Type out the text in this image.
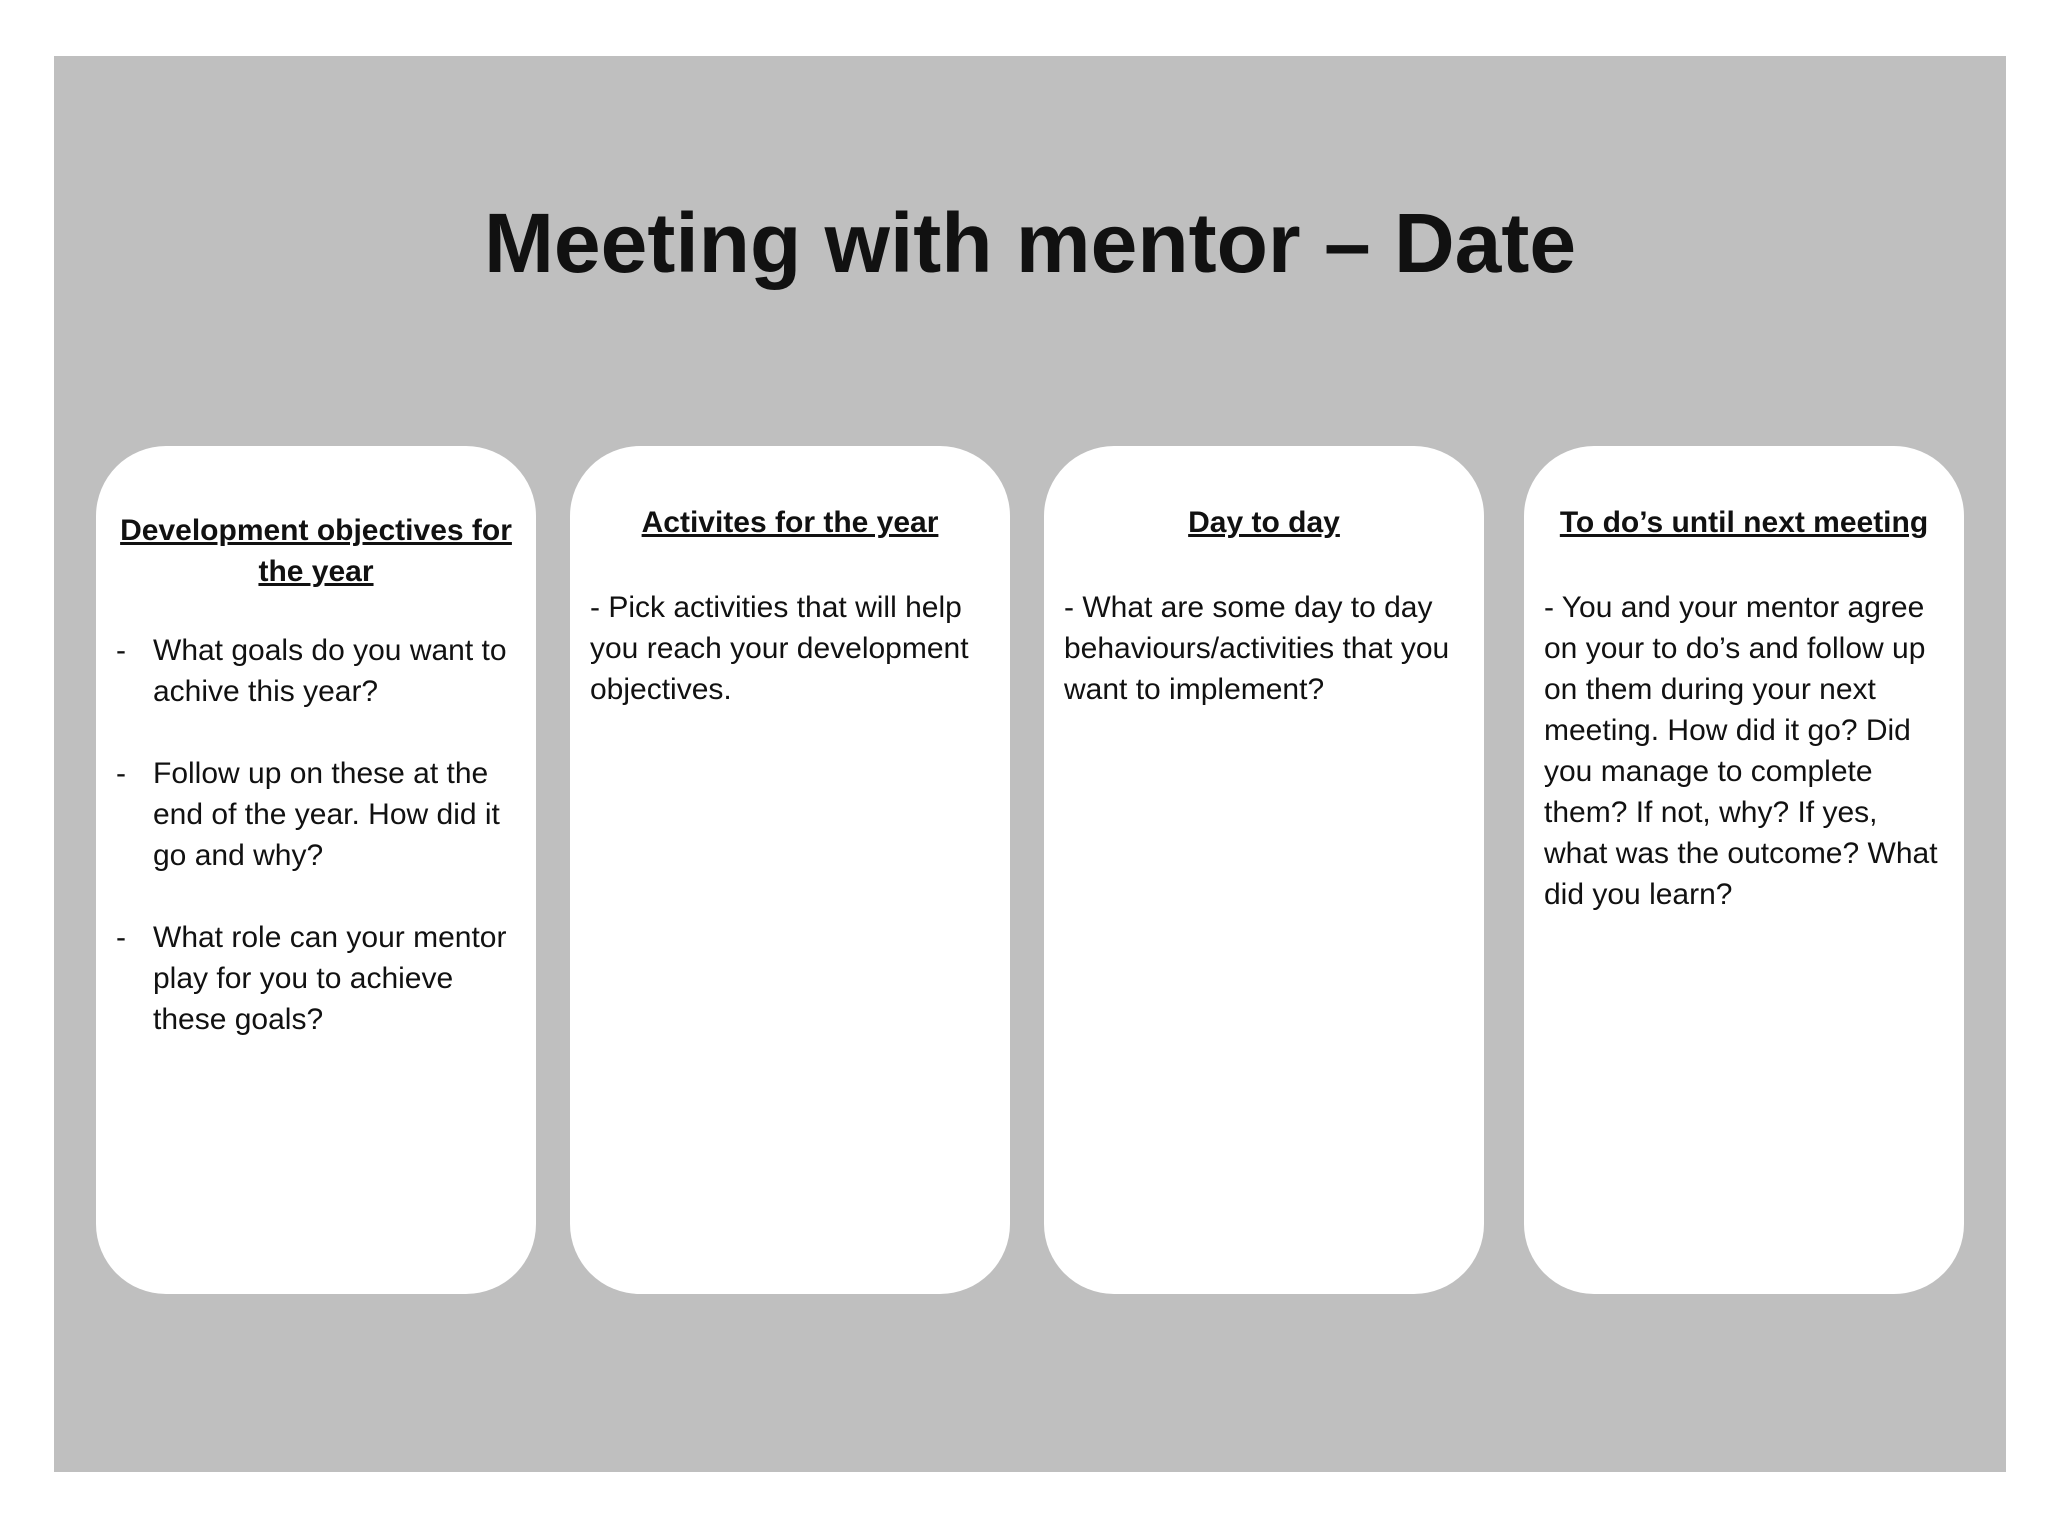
Meeting with mentor – Date
Development objectives for the year
- What goals do you want to achive this year?
- Follow up on these at the end of the year. How did it go and why?
- What role can your mentor play for you to achieve these goals?
Activites for the year

- Pick activities that will help you reach your development objectives.

Day to day

- What are some day to day behaviours/activities that you want to implement?

To do’s until next meeting

- You and your mentor agree on your to do’s and follow up on them during your next meeting. How did it go? Did you manage to complete them? If not, why? If yes, what was the outcome? What did you learn?
